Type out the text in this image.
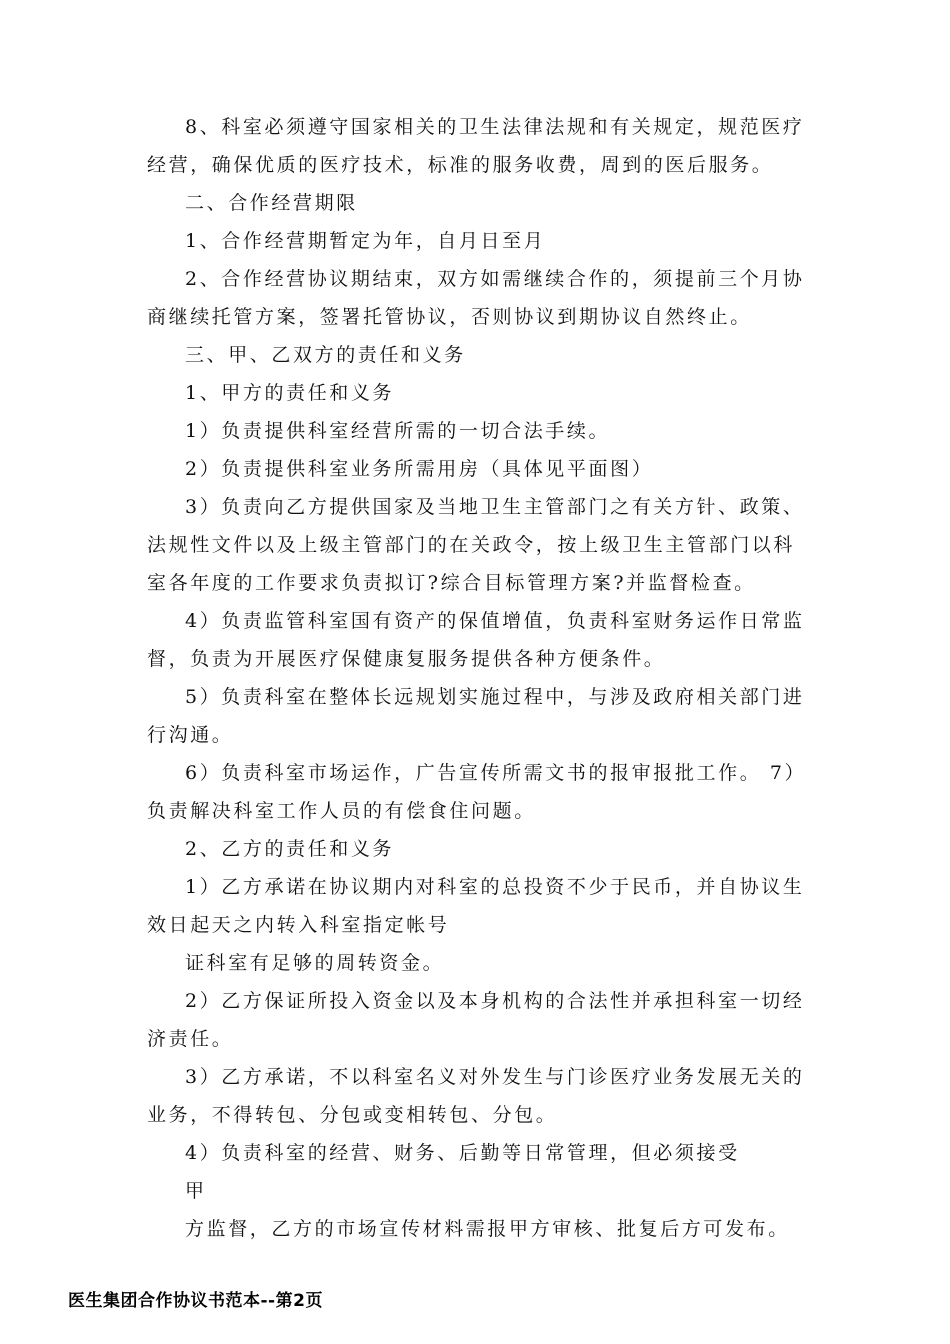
8、科室必须遵守国家相关的卫生法律法规和有关规定，规范医疗经营，确保优质的医疗技术，标准的服务收费，周到的医后服务。

二、合作经营期限

1、合作经营期暂定为年，自月日至月

2、合作经营协议期结束，双方如需继续合作的，须提前三个月协商继续托管方案，签署托管协议，否则协议到期协议自然终止。

三、甲、乙双方的责任和义务

1、甲方的责任和义务

1）负责提供科室经营所需的一切合法手续。

2）负责提供科室业务所需用房（具体见平面图）

3）负责向乙方提供国家及当地卫生主管部门之有关方针、政策、法规性文件以及上级主管部门的在关政令，按上级卫生主管部门以科室各年度的工作要求负责拟订?综合目标管理方案?并监督检查。

4）负责监管科室国有资产的保值增值，负责科室财务运作日常监督，负责为开展医疗保健康复服务提供各种方便条件。

5）负责科室在整体长远规划实施过程中，与涉及政府相关部门进行沟通。

6）负责科室市场运作，广告宣传所需文书的报审报批工作。 7）负责解决科室工作人员的有偿食住问题。

2、乙方的责任和义务

1）乙方承诺在协议期内对科室的总投资不少于民币，并自协议生效日起天之内转入科室指定帐号

证科室有足够的周转资金。

2）乙方保证所投入资金以及本身机构的合法性并承担科室一切经济责任。

3）乙方承诺，不以科室名义对外发生与门诊医疗业务发展无关的业务，不得转包、分包或变相转包、分包。

4）负责科室的经营、财务、后勤等日常管理，但必须接受

甲

方监督，乙方的市场宣传材料需报甲方审核、批复后方可发布。

医生集团合作协议书范本--第2页
